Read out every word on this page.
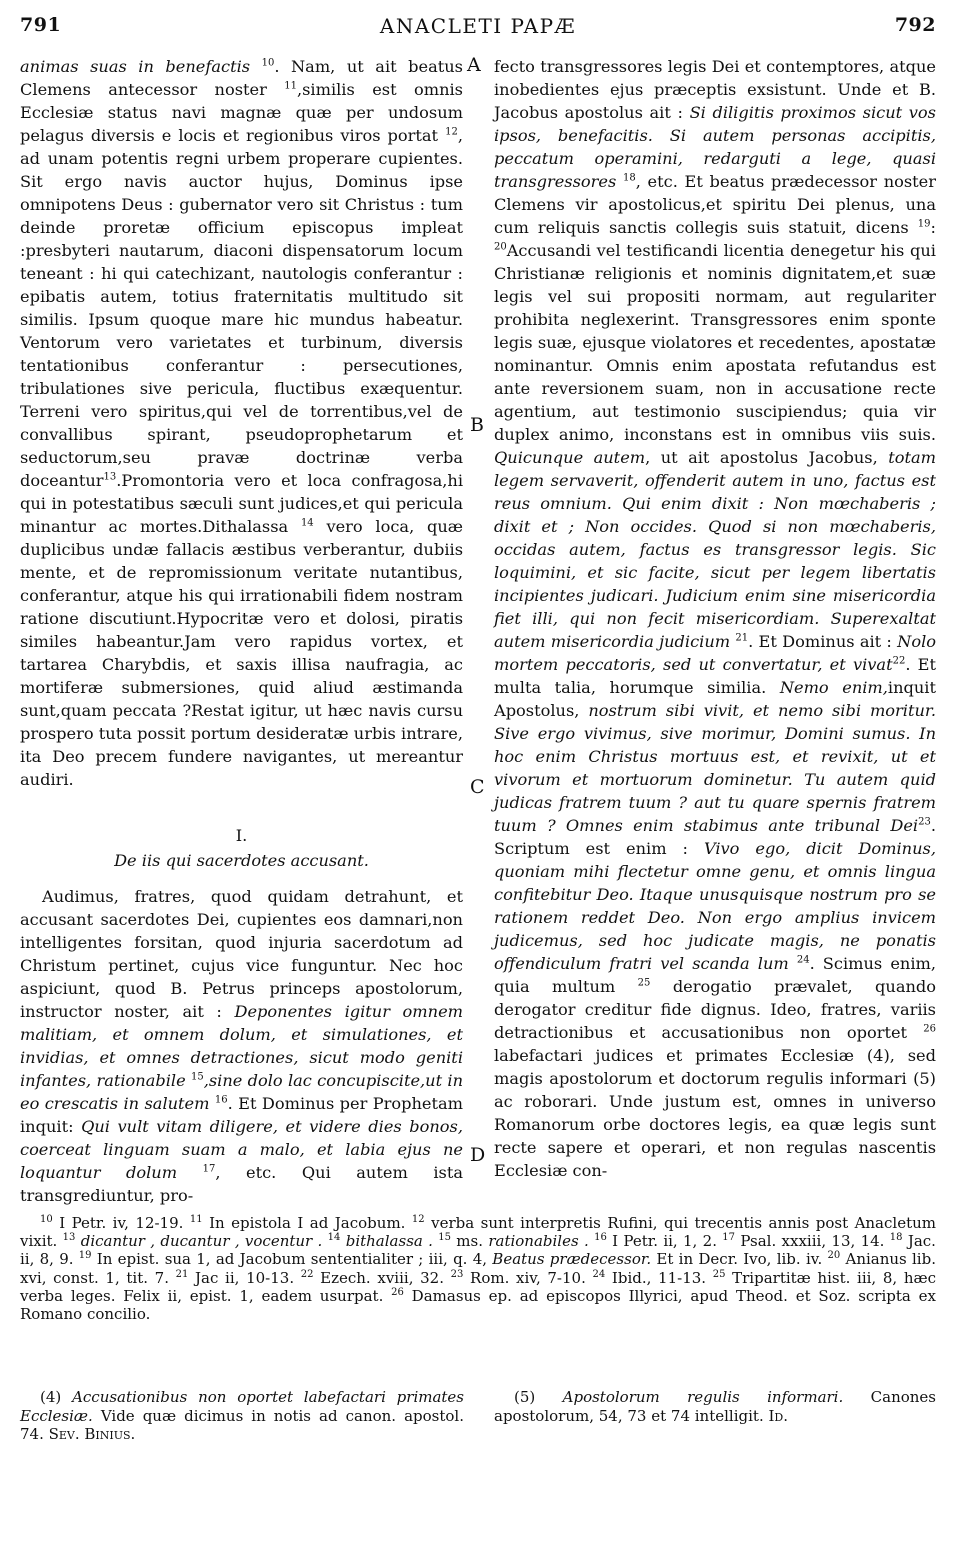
791	ANACLETI PAPÆ	792

animas suas in benefactis $^{10}$. Nam, ut ait beatus Clemens antecessor noster $^{11}$,similis est omnis Ecclesiæ status navi magnæ quæ per undosum pelagus diversis e locis et regionibus viros portat $^{12}$, ad unam potentis regni urbem properare cupientes. Sit ergo navis auctor hujus, Dominus ipse omnipotens Deus : gubernator vero sit Christus : tum deinde proretæ officium episcopus impleat :presbyteri nautarum, diaconi dispensatorum locum teneant : hi qui catechizant, nautologis conferantur : epibatis autem, totius fraternitatis multitudo sit similis. Ipsum quoque mare hic mundus habeatur. Ventorum vero varietates et turbinum, diversis tentationibus conferantur : persecutiones, tribulationes sive pericula, fluctibus exæquentur. Terreni vero spiritus,qui vel de torrentibus,vel de convallibus spirant, pseudoprophetarum et seductorum,seu pravæ doctrinæ verba doceantur$^{13}$.Promontoria vero et loca confragosa,hi qui in potestatibus sæculi sunt judices,et qui pericula minantur ac mortes.Dithalassa $^{14}$ vero loca, quæ duplicibus undæ fallacis æstibus verberantur, dubiis mente, et de repromissionum veritate nutantibus, conferantur, atque his qui irrationabili fidem nostram ratione discutiunt.Hypocritæ vero et dolosi, piratis similes habeantur.Jam vero rapidus vortex, et tartarea Charybdis, et saxis illisa naufragia, ac mortiferæ submersiones, quid aliud æstimanda sunt,quam peccata ?Restat igitur, ut hæc navis cursu prospero tuta possit portum desideratæ urbis intrare, ita Deo precem fundere navigantes, ut mereantur audiri.

I.

De iis qui sacerdotes accusant.

Audimus, fratres, quod quidam detrahunt, et accusant sacerdotes Dei, cupientes eos damnari,non intelligentes forsitan, quod injuria sacerdotum ad Christum pertinet, cujus vice funguntur. Nec hoc aspiciunt, quod B. Petrus princeps apostolorum, instructor noster, ait : Deponentes igitur omnem malitiam, et omnem dolum, et simulationes, et invidias, et omnes detractiones, sicut modo geniti infantes, rationabile $^{15}$,sine dolo lac concupiscite,ut in eo crescatis in salutem $^{16}$. Et Dominus per Prophetam inquit: Qui vult vitam diligere, et videre dies bonos, coerceat linguam suam a malo, et labia ejus ne loquantur dolum	$^{17}$, etc. Qui autem ista transgrediuntur, pro-

A
B
C
D

fecto transgressores legis Dei et contemptores, atque inobedientes ejus præceptis exsistunt. Unde et B. Jacobus apostolus ait : Si diligitis proximos sicut vos ipsos, benefacitis. Si autem personas accipitis, peccatum operamini, redarguti a lege, quasi transgressores $^{18}$, etc. Et beatus prædecessor noster Clemens vir apostolicus,et spiritu Dei plenus, una cum reliquis sanctis collegis suis statuit, dicens $^{19}$: $^{20}$Accusandi vel testificandi licentia denegetur his qui Christianæ religionis et nominis dignitatem,et suæ legis vel sui propositi normam, aut regulariter prohibita neglexerint. Transgressores enim sponte legis suæ, ejusque violatores et recedentes, apostatæ nominantur. Omnis enim apostata refutandus est ante reversionem suam, non in accusatione recte agentium, aut testimonio suscipiendus; quia vir duplex animo, inconstans est in omnibus viis suis. Quicunque autem, ut ait apostolus Jacobus, totam legem servaverit, offenderit autem in uno, factus est reus omnium. Qui enim dixit : Non mœchaberis ; dixit et ; Non occides. Quod si non mœchaberis, occidas autem, factus es transgressor legis. Sic loquimini, et sic facite, sicut per legem libertatis incipientes judicari. Judicium enim sine misericordia fiet illi, qui non fecit misericordiam. Superexaltat autem misericordia judicium $^{21}$. Et Dominus ait : Nolo mortem peccatoris, sed ut convertatur, et vivat$^{22}$. Et multa talia, horumque similia. Nemo enim,inquit Apostolus, nostrum sibi vivit, et nemo sibi moritur. Sive ergo vivimus, sive morimur, Domini sumus. In hoc enim Christus mortuus est, et revixit, ut et vivorum et mortuorum dominetur. Tu autem quid judicas fratrem tuum ? aut tu quare spernis fratrem tuum ? Omnes enim stabimus ante tribunal Dei$^{23}$. Scriptum est enim : Vivo ego, dicit Dominus, quoniam mihi flectetur omne genu, et omnis lingua confitebitur Deo. Itaque unusquisque nostrum pro se rationem reddet Deo. Non ergo amplius invicem judicemus, sed hoc judicate magis, ne ponatis offendiculum fratri vel scanda lum $^{24}$. Scimus enim, quia multum $^{25}$ derogatio prævalet, quando derogator creditur fide dignus. Ideo, fratres, variis detractionibus et accusationibus non oportet $^{26}$ labefactari judices et primates Ecclesiæ (4), sed magis apostolorum et doctorum regulis informari (5) ac roborari. Unde justum est, omnes in universo Romanorum orbe doctores legis, ea quæ legis sunt recte sapere et operari, et non regulas nascentis Ecclesiæ con-

$^{10}$ I Petr. iv, 12-19. $^{11}$ In epistola I ad Jacobum. $^{12}$ verba sunt interpretis Rufini, qui trecentis annis post Anacletum vixit. $^{13}$ dicantur , ducantur , vocentur . $^{14}$ bithalassa . $^{15}$ ms. rationabiles . $^{16}$ I Petr. ii, 1, 2. $^{17}$ Psal. xxxiii, 13, 14. $^{18}$ Jac. ii, 8, 9. $^{19}$ In epist. sua 1, ad Jacobum sententialiter ; iii, q. 4, Beatus prædecessor. Et in Decr. Ivo, lib. iv. $^{20}$ Anianus lib. xvi, const. 1, tit. 7. $^{21}$ Jac ii, 10-13. $^{22}$ Ezech. xviii, 32. $^{23}$ Rom. xiv, 7-10. $^{24}$ Ibid., 11-13. $^{25}$ Tripartitæ hist. iii, 8, hæc verba leges. Felix ii, epist. 1, eadem usurpat. $^{26}$ Damasus ep. ad episcopos Illyrici, apud Theod. et Soz. scripta ex Romano concilio.

(4) Accusationibus non oportet labefactari primates Ecclesiæ. Vide quæ dicimus in notis ad canon. apostol. 74. Sev. Binius.

(5) Apostolorum regulis informari. Canones apostolorum, 54, 73 et 74 intelligit. Id.
